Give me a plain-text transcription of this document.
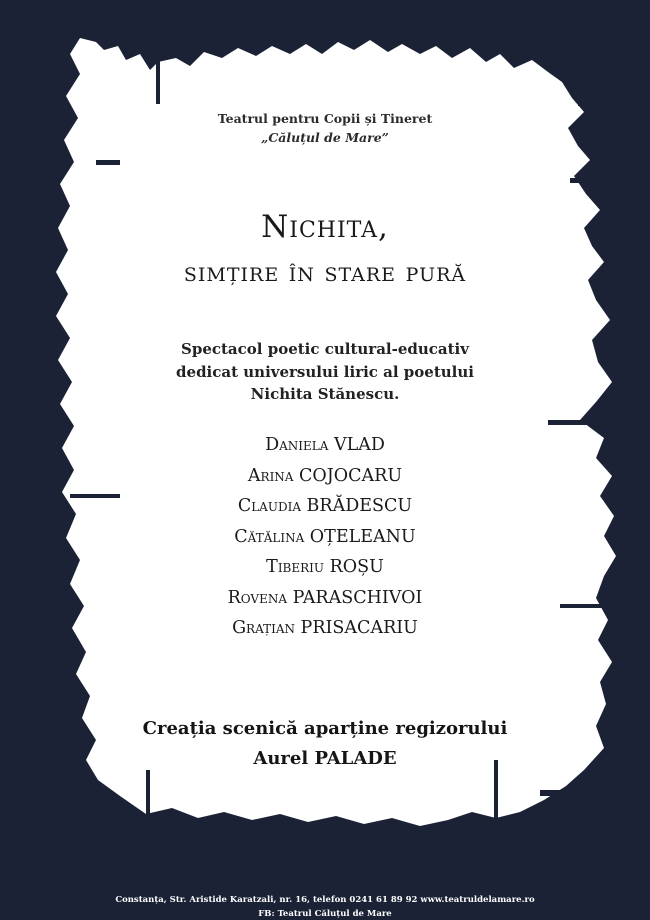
Teatrul pentru Copii și Tineret
„Căluțul de Mare”
Nichita,
simțire în stare pură
Spectacol poetic cultural-educativ
dedicat universului liric al poetului
Nichita Stănescu.
Daniela VLAD
Arina COJOCARU
Claudia BRĂDESCU
Cătălina OȚELEANU
Tiberiu ROȘU
Rovena PARASCHIVOI
Grațian PRISACARIU
Creația scenică aparține regizorului
Aurel PALADE
Constanța, Str. Aristide Karatzali, nr. 16, telefon 0241 61 89 92 www.teatruldelamare.ro
FB: Teatrul Căluțul de Mare
